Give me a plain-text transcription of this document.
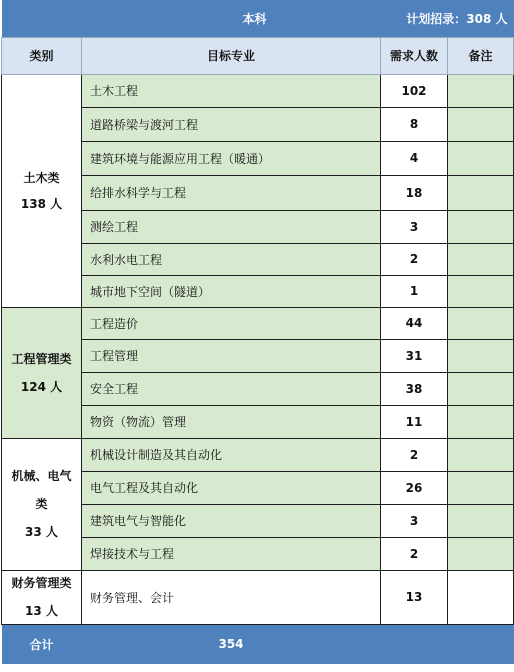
本科			计划招录：308 人
类别	目标专业	需求人数	备注

土木类
138 人	土木工程	102	
	道路桥梁与渡河工程	8	
	建筑环境与能源应用工程（暖通）	4	
	给排水科学与工程	18	
	测绘工程	3	
	水利水电工程	2	
	城市地下空间（隧道）	1	

工程管理类
124 人	工程造价	44	
	工程管理	31	
	安全工程	38	
	物资（物流）管理	11	

机械、电气
类
33 人	机械设计制造及其自动化	2	
	电气工程及其自动化	26	
	建筑电气与智能化	3	
	焊接技术与工程	2	

财务管理类
13 人	财务管理、会计	13	
合计	354		
